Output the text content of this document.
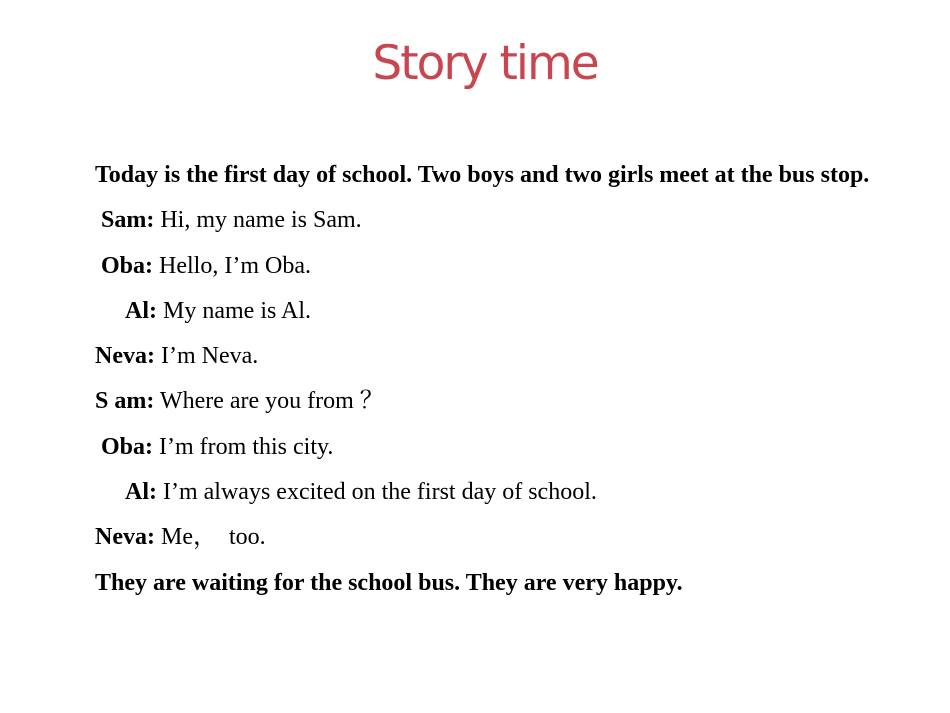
Story time
Today is the first day of school. Two boys and two girls meet at the bus stop.
Sam: Hi, my name is Sam.
Oba: Hello, I’m Oba.
Al: My name is Al.
Neva: I’m Neva.
S am: Where are you from ？
Oba: I’m from this city.
Al: I’m always excited on the first day of school.
Neva: Me，  too.
They are waiting for the school bus. They are very happy.
